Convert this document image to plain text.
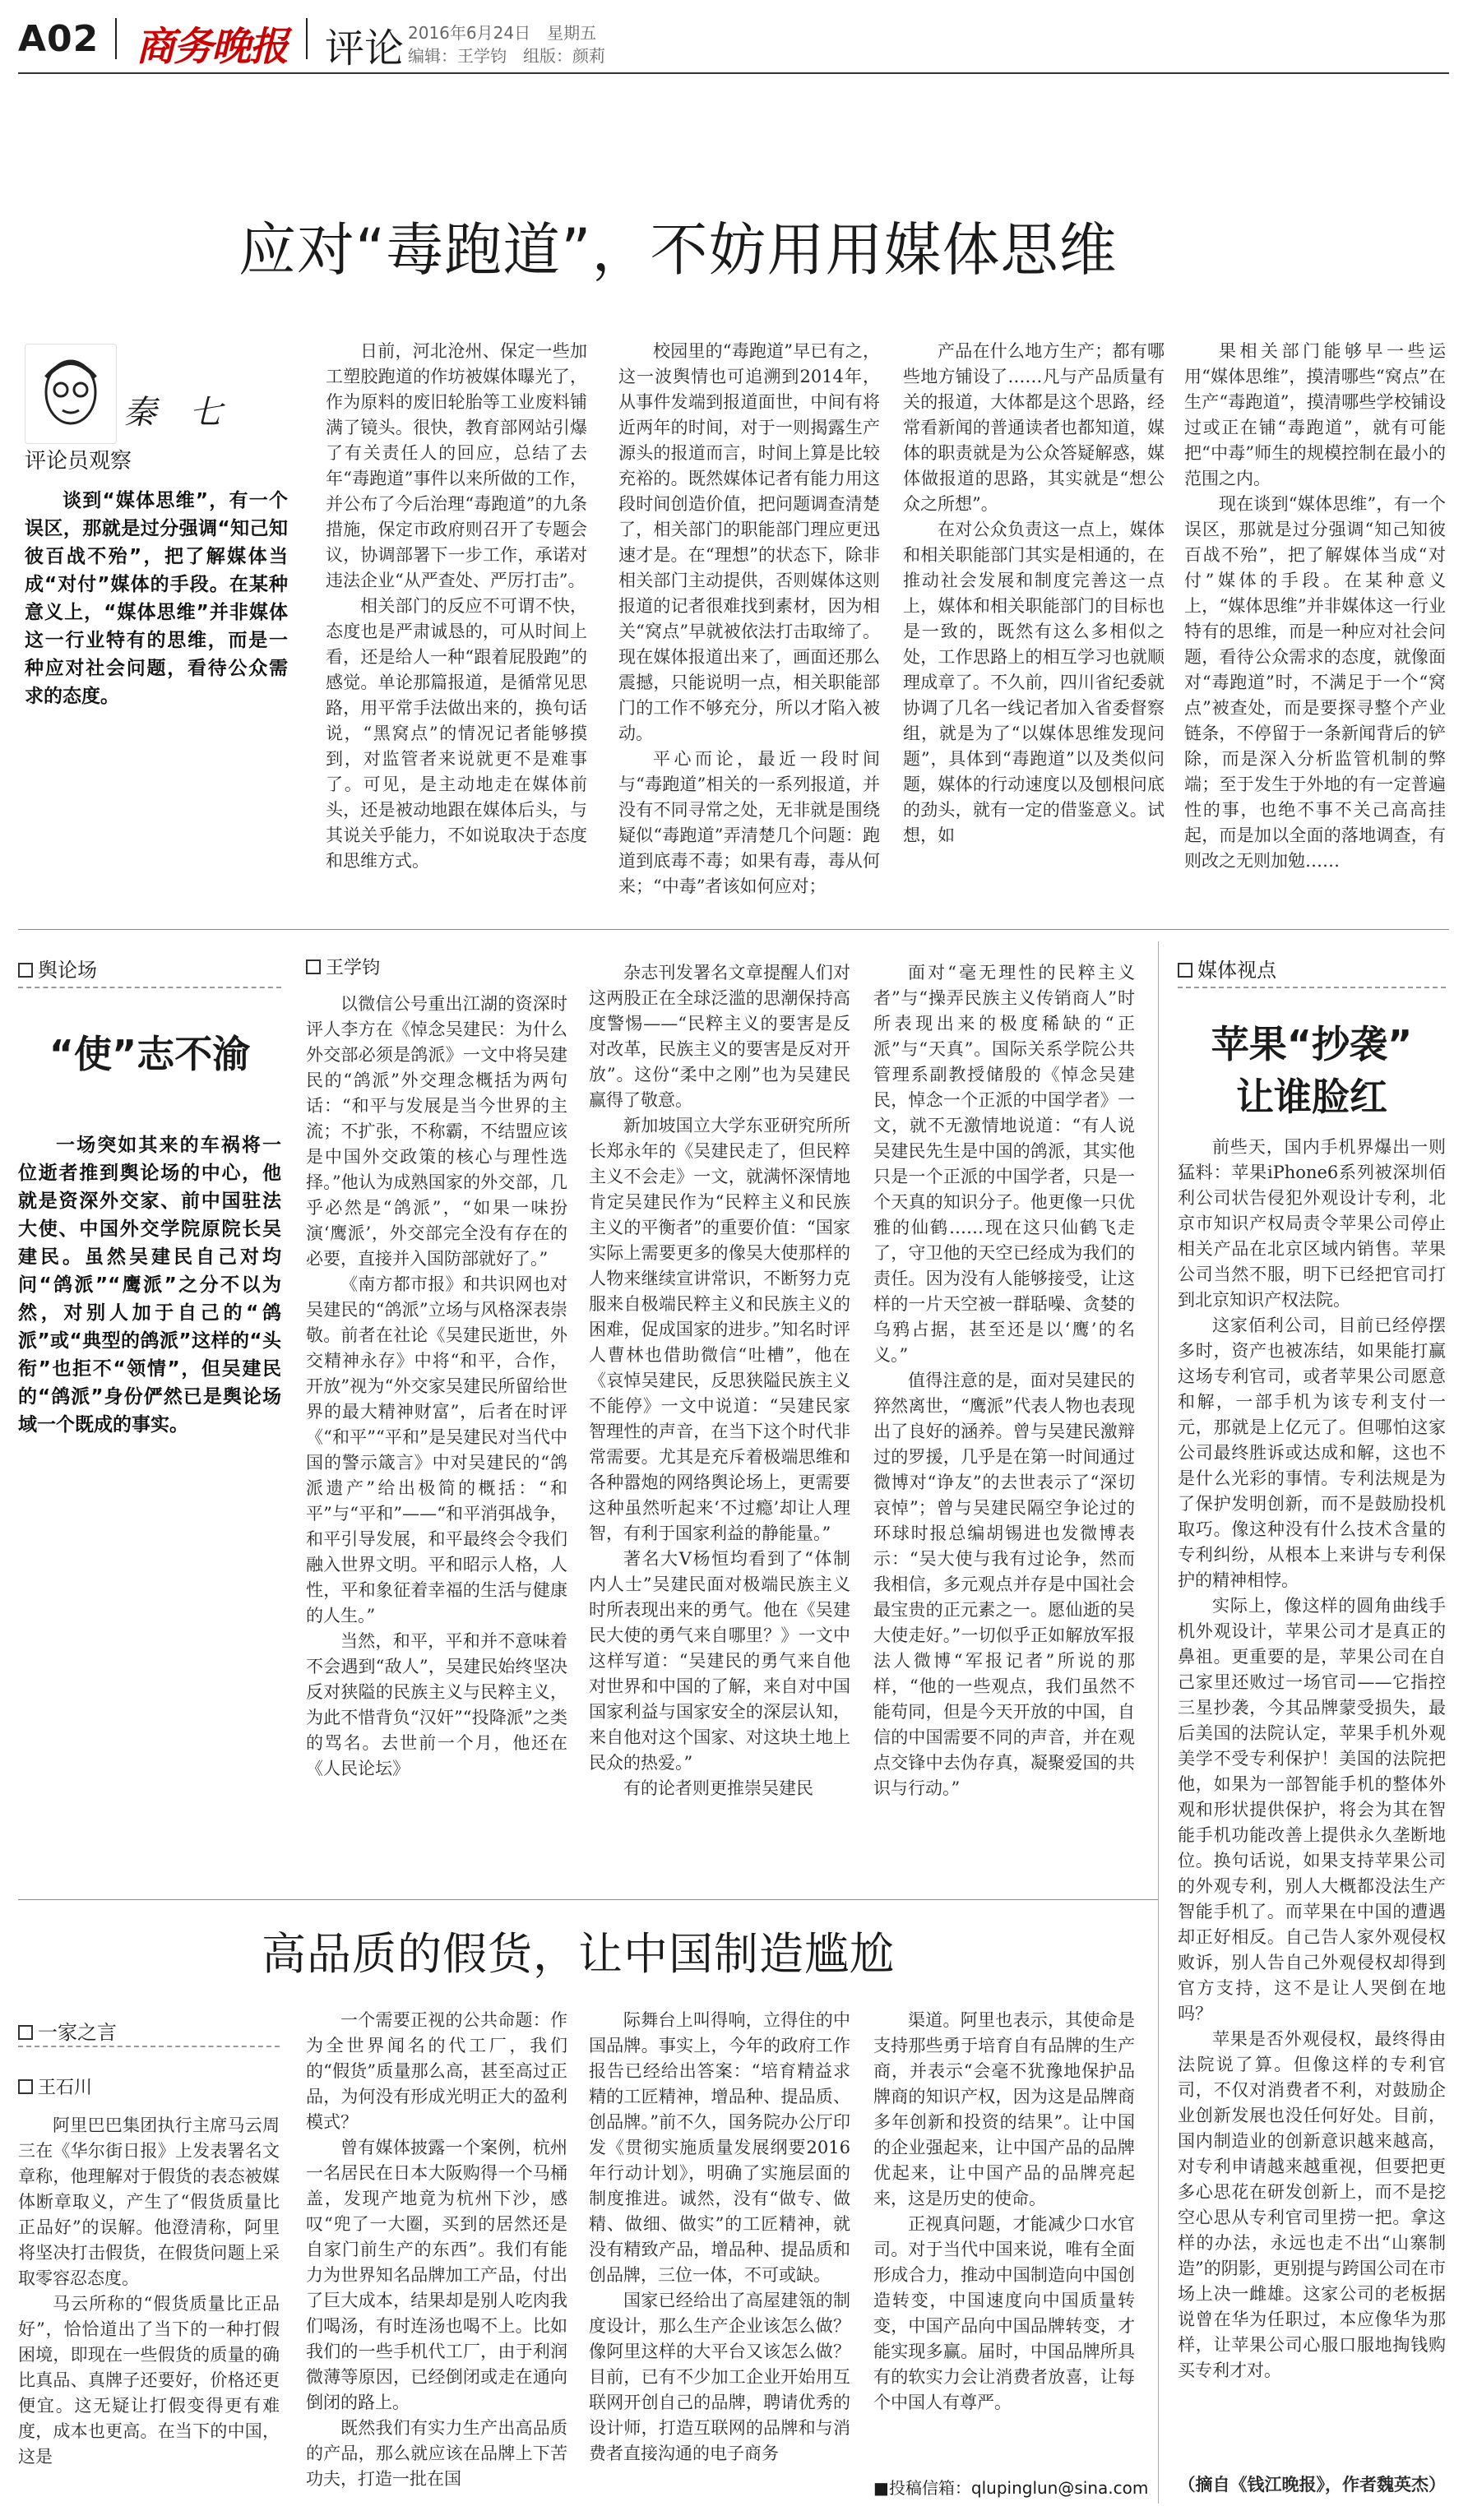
A02 商务晚报 评论 2016年6月24日　星期五
编辑：王学钧　组版：颜莉
应对“毒跑道”，不妨用用媒体思维
秦　七
评论员观察

谈到“媒体思维”，有一个误区，那就是过分强调“知己知彼百战不殆”，把了解媒体当成“对付”媒体的手段。在某种意义上，“媒体思维”并非媒体这一行业特有的思维，而是一种应对社会问题，看待公众需求的态度。

日前，河北沧州、保定一些加工塑胶跑道的作坊被媒体曝光了，作为原料的废旧轮胎等工业废料铺满了镜头。很快，教育部网站引爆了有关责任人的回应，总结了去年“毒跑道”事件以来所做的工作，并公布了今后治理“毒跑道”的九条措施，保定市政府则召开了专题会议，协调部署下一步工作，承诺对违法企业“从严查处、严厉打击”。

相关部门的反应不可谓不快，态度也是严肃诚恳的，可从时间上看，还是给人一种“跟着屁股跑”的感觉。单论那篇报道，是循常见思路，用平常手法做出来的，换句话说，“黑窝点”的情况记者能够摸到，对监管者来说就更不是难事了。可见，是主动地走在媒体前头，还是被动地跟在媒体后头，与其说关乎能力，不如说取决于态度和思维方式。

校园里的“毒跑道”早已有之，这一波舆情也可追溯到2014年，从事件发端到报道面世，中间有将近两年的时间，对于一则揭露生产源头的报道而言，时间上算是比较充裕的。既然媒体记者有能力用这段时间创造价值，把问题调查清楚了，相关部门的职能部门理应更迅速才是。在“理想”的状态下，除非相关部门主动提供，否则媒体这则报道的记者很难找到素材，因为相关“窝点”早就被依法打击取缔了。现在媒体报道出来了，画面还那么震撼，只能说明一点，相关职能部门的工作不够充分，所以才陷入被动。

平心而论，最近一段时间与“毒跑道”相关的一系列报道，并没有不同寻常之处，无非就是围绕疑似“毒跑道”弄清楚几个问题：跑道到底毒不毒；如果有毒，毒从何来；“中毒”者该如何应对；

产品在什么地方生产；都有哪些地方铺设了……凡与产品质量有关的报道，大体都是这个思路，经常看新闻的普通读者也都知道，媒体的职责就是为公众答疑解惑，媒体做报道的思路，其实就是“想公众之所想”。

在对公众负责这一点上，媒体和相关职能部门其实是相通的，在推动社会发展和制度完善这一点上，媒体和相关职能部门的目标也是一致的，既然有这么多相似之处，工作思路上的相互学习也就顺理成章了。不久前，四川省纪委就协调了几名一线记者加入省委督察组，就是为了“以媒体思维发现问题”，具体到“毒跑道”以及类似问题，媒体的行动速度以及刨根问底的劲头，就有一定的借鉴意义。试想，如

果相关部门能够早一些运用“媒体思维”，摸清哪些“窝点”在生产“毒跑道”，摸清哪些学校铺设过或正在铺“毒跑道”，就有可能把“中毒”师生的规模控制在最小的范围之内。

现在谈到“媒体思维”，有一个误区，那就是过分强调“知己知彼百战不殆”，把了解媒体当成“对付”媒体的手段。在某种意义上，“媒体思维”并非媒体这一行业特有的思维，而是一种应对社会问题，看待公众需求的态度，就像面对“毒跑道”时，不满足于一个“窝点”被查处，而是要探寻整个产业链条，不停留于一条新闻背后的铲除，而是深入分析监管机制的弊端；至于发生于外地的有一定普遍性的事，也绝不事不关己高高挂起，而是加以全面的落地调查，有则改之无则加勉……

舆论场
“使”志不渝

一场突如其来的车祸将一位逝者推到舆论场的中心，他就是资深外交家、前中国驻法大使、中国外交学院原院长吴建民。虽然吴建民自己对均问“鸽派”“鹰派”之分不以为然，对别人加于自己的“鸽派”或“典型的鸽派”这样的“头衔”也拒不“领情”，但吴建民的“鸽派”身份俨然已是舆论场域一个既成的事实。

王学钧

以微信公号重出江湖的资深时评人李方在《悼念吴建民：为什么外交部必须是鸽派》一文中将吴建民的“鸽派”外交理念概括为两句话：“和平与发展是当今世界的主流；不扩张，不称霸，不结盟应该是中国外交政策的核心与理性选择。”他认为成熟国家的外交部，几乎必然是“鸽派”，“如果一味扮演‘鹰派’，外交部完全没有存在的必要，直接并入国防部就好了。”

《南方都市报》和共识网也对吴建民的“鸽派”立场与风格深表崇敬。前者在社论《吴建民逝世，外交精神永存》中将“和平，合作，开放”视为“外交家吴建民所留给世界的最大精神财富”，后者在时评《“和平”“平和”是吴建民对当代中国的警示箴言》中对吴建民的“鸽派遗产”给出极简的概括：“和平”与“平和”——“和平消弭战争，和平引导发展，和平最终会令我们融入世界文明。平和昭示人格，人性，平和象征着幸福的生活与健康的人生。”

当然，和平，平和并不意味着不会遇到“敌人”，吴建民始终坚决反对狭隘的民族主义与民粹主义，为此不惜背负“汉奸”“投降派”之类的骂名。去世前一个月，他还在《人民论坛》

杂志刊发署名文章提醒人们对这两股正在全球泛滥的思潮保持高度警惕——“民粹主义的要害是反对改革，民族主义的要害是反对开放”。这份“柔中之刚”也为吴建民赢得了敬意。

新加坡国立大学东亚研究所所长郑永年的《吴建民走了，但民粹主义不会走》一文，就满怀深情地肯定吴建民作为“民粹主义和民族主义的平衡者”的重要价值：“国家实际上需要更多的像吴大使那样的人物来继续宣讲常识，不断努力克服来自极端民粹主义和民族主义的困难，促成国家的进步。”知名时评人曹林也借助微信“吐槽”，他在《哀悼吴建民，反思狭隘民族主义不能停》一文中说道：“吴建民家智理性的声音，在当下这个时代非常需要。尤其是充斥着极端思维和各种嚣炮的网络舆论场上，更需要这种虽然听起来‘不过瘾’却让人理智，有利于国家利益的静能量。”

著名大V杨恒均看到了“体制内人士”吴建民面对极端民族主义时所表现出来的勇气。他在《吴建民大使的勇气来自哪里？》一文中这样写道：“吴建民的勇气来自他对世界和中国的了解，来自对中国国家利益与国家安全的深层认知，来自他对这个国家、对这块土地上民众的热爱。”

有的论者则更推崇吴建民

面对“毫无理性的民粹主义者”与“操弄民族主义传销商人”时所表现出来的极度稀缺的“正派”与“天真”。国际关系学院公共管理系副教授储殷的《悼念吴建民，悼念一个正派的中国学者》一文，就不无激情地说道：“有人说吴建民先生是中国的鸽派，其实他只是一个正派的中国学者，只是一个天真的知识分子。他更像一只优雅的仙鹤……现在这只仙鹤飞走了，守卫他的天空已经成为我们的责任。因为没有人能够接受，让这样的一片天空被一群聒噪、贪婪的乌鸦占据，甚至还是以‘鹰’的名义。”

值得注意的是，面对吴建民的猝然离世，“鹰派”代表人物也表现出了良好的涵养。曾与吴建民激辩过的罗援，几乎是在第一时间通过微博对“诤友”的去世表示了“深切哀悼”；曾与吴建民隔空争论过的环球时报总编胡锡进也发微博表示：“吴大使与我有过论争，然而我相信，多元观点并存是中国社会最宝贵的正元素之一。愿仙逝的吴大使走好。”一切似乎正如解放军报法人微博“军报记者”所说的那样，“他的一些观点，我们虽然不能苟同，但是今天开放的中国，自信的中国需要不同的声音，并在观点交锋中去伪存真，凝聚爱国的共识与行动。”

媒体视点
苹果“抄袭”
让谁脸红

前些天，国内手机界爆出一则猛料：苹果iPhone6系列被深圳佰利公司状告侵犯外观设计专利，北京市知识产权局责令苹果公司停止相关产品在北京区域内销售。苹果公司当然不服，明下已经把官司打到北京知识产权法院。

这家佰利公司，目前已经停摆多时，资产也被冻结，如果能打赢这场专利官司，或者苹果公司愿意和解，一部手机为该专利支付一元，那就是上亿元了。但哪怕这家公司最终胜诉或达成和解，这也不是什么光彩的事情。专利法规是为了保护发明创新，而不是鼓励投机取巧。像这种没有什么技术含量的专利纠纷，从根本上来讲与专利保护的精神相悖。

实际上，像这样的圆角曲线手机外观设计，苹果公司才是真正的鼻祖。更重要的是，苹果公司在自己家里还败过一场官司——它指控三星抄袭，今其品牌蒙受损失，最后美国的法院认定，苹果手机外观美学不受专利保护！美国的法院把他，如果为一部智能手机的整体外观和形状提供保护，将会为其在智能手机功能改善上提供永久垄断地位。换句话说，如果支持苹果公司的外观专利，别人大概都没法生产智能手机了。而苹果在中国的遭遇却正好相反。自己告人家外观侵权败诉，别人告自己外观侵权却得到官方支持，这不是让人哭倒在地吗？

苹果是否外观侵权，最终得由法院说了算。但像这样的专利官司，不仅对消费者不利，对鼓励企业创新发展也没任何好处。目前，国内制造业的创新意识越来越高，对专利申请越来越重视，但要把更多心思花在研发创新上，而不是挖空心思从专利官司里捞一把。拿这样的办法，永远也走不出“山寨制造”的阴影，更别提与跨国公司在市场上决一雌雄。这家公司的老板据说曾在华为任职过，本应像华为那样，让苹果公司心服口服地掏钱购买专利才对。

（摘自《钱江晚报》，作者魏英杰）
高品质的假货，让中国制造尴尬
一家之言
王石川

阿里巴巴集团执行主席马云周三在《华尔街日报》上发表署名文章称，他理解对于假货的表态被媒体断章取义，产生了“假货质量比正品好”的误解。他澄清称，阿里将坚决打击假货，在假货问题上采取零容忍态度。

马云所称的“假货质量比正品好”，恰恰道出了当下的一种打假困境，即现在一些假货的质量的确比真品、真牌子还要好，价格还更便宜。这无疑让打假变得更有难度，成本也更高。在当下的中国，这是

一个需要正视的公共命题：作为全世界闻名的代工厂，我们的“假货”质量那么高，甚至高过正品，为何没有形成光明正大的盈利模式？

曾有媒体披露一个案例，杭州一名居民在日本大阪购得一个马桶盖，发现产地竟为杭州下沙，感叹“兜了一大圈，买到的居然还是自家门前生产的东西”。我们有能力为世界知名品牌加工产品，付出了巨大成本，结果却是别人吃肉我们喝汤，有时连汤也喝不上。比如我们的一些手机代工厂，由于利润微薄等原因，已经倒闭或走在通向倒闭的路上。

既然我们有实力生产出高品质的产品，那么就应该在品牌上下苦功夫，打造一批在国

际舞台上叫得响，立得住的中国品牌。事实上，今年的政府工作报告已经给出答案：“培育精益求精的工匠精神，增品种、提品质、创品牌。”前不久，国务院办公厅印发《贯彻实施质量发展纲要2016年行动计划》，明确了实施层面的制度推进。诚然，没有“做专、做精、做细、做实”的工匠精神，就没有精致产品，增品种、提品质和创品牌，三位一体，不可或缺。

国家已经给出了高屋建瓴的制度设计，那么生产企业该怎么做？像阿里这样的大平台又该怎么做？目前，已有不少加工企业开始用互联网开创自己的品牌，聘请优秀的设计师，打造互联网的品牌和与消费者直接沟通的电子商务

渠道。阿里也表示，其使命是支持那些勇于培育自有品牌的生产商，并表示“会毫不犹豫地保护品牌商的知识产权，因为这是品牌商多年创新和投资的结果”。让中国的企业强起来，让中国产品的品牌优起来，让中国产品的品牌亮起来，这是历史的使命。

正视真问题，才能减少口水官司。对于当代中国来说，唯有全面形成合力，推动中国制造向中国创造转变，中国速度向中国质量转变，中国产品向中国品牌转变，才能实现多赢。届时，中国品牌所具有的软实力会让消费者放喜，让每个中国人有尊严。

■投稿信箱：qlupinglun@sina.com
